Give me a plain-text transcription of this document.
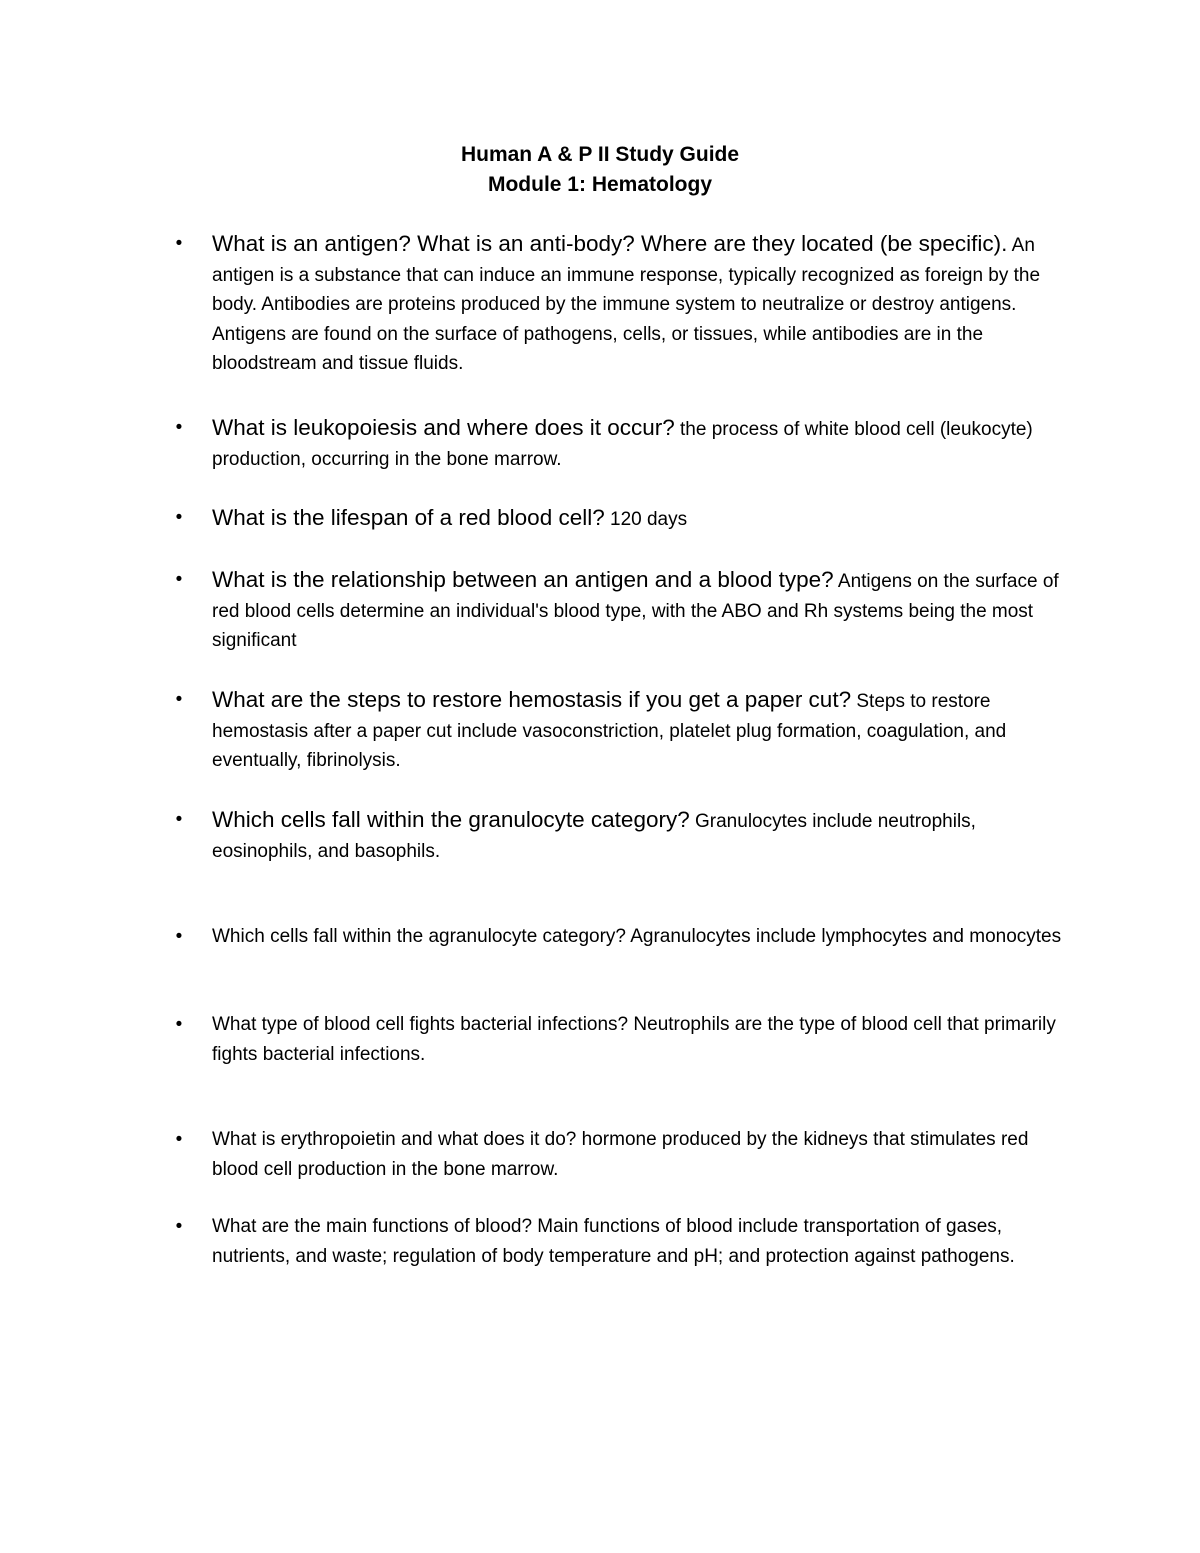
Human A & P II Study Guide
Module 1: Hematology
• What is an antigen? What is an anti-body? Where are they located (be specific). An antigen is a substance that can induce an immune response, typically recognized as foreign by the body. Antibodies are proteins produced by the immune system to neutralize or destroy antigens. Antigens are found on the surface of pathogens, cells, or tissues, while antibodies are in the bloodstream and tissue fluids.
• What is leukopoiesis and where does it occur? the process of white blood cell (leukocyte) production, occurring in the bone marrow.
• What is the lifespan of a red blood cell? 120 days
• What is the relationship between an antigen and a blood type? Antigens on the surface of red blood cells determine an individual's blood type, with the ABO and Rh systems being the most significant
• What are the steps to restore hemostasis if you get a paper cut? Steps to restore hemostasis after a paper cut include vasoconstriction, platelet plug formation, coagulation, and eventually, fibrinolysis.
• Which cells fall within the granulocyte category? Granulocytes include neutrophils, eosinophils, and basophils.
• Which cells fall within the agranulocyte category? Agranulocytes include lymphocytes and monocytes
• What type of blood cell fights bacterial infections? Neutrophils are the type of blood cell that primarily fights bacterial infections.
• What is erythropoietin and what does it do? hormone produced by the kidneys that stimulates red blood cell production in the bone marrow.
• What are the main functions of blood? Main functions of blood include transportation of gases, nutrients, and waste; regulation of body temperature and pH; and protection against pathogens.
